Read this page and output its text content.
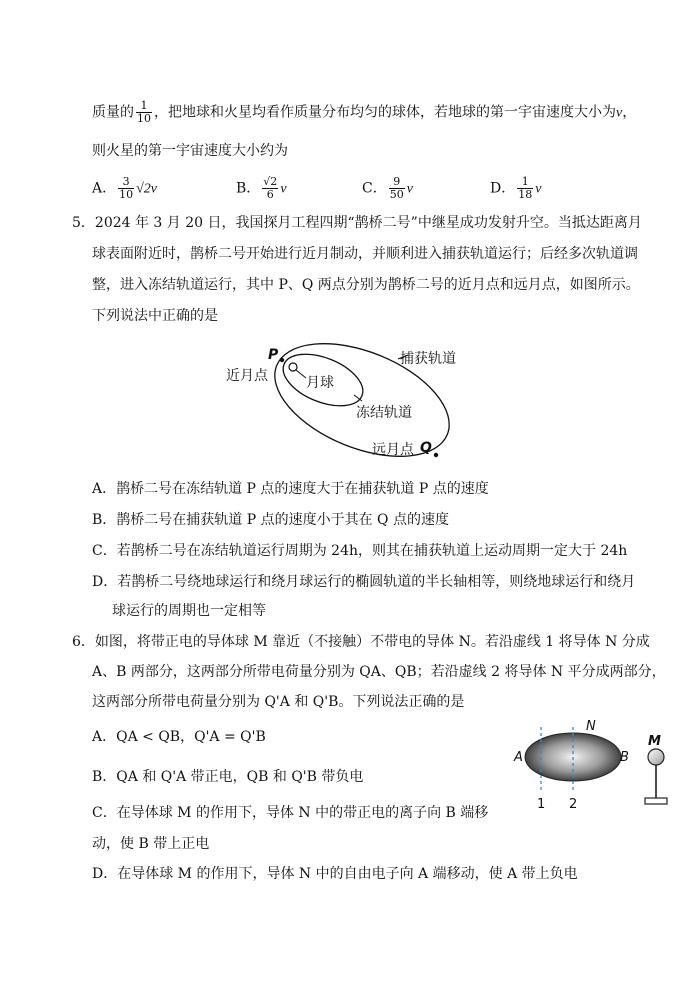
质量的 $\frac{1}{10}$ ，把地球和火星均看作质量分布均匀的球体，若地球的第一宇宙速度大小为v，
则火星的第一宇宙速度大小约为
A． $\frac{3}{10} √2v$	B． $\frac{√2}{6}$ v	C． $\frac{9}{50}$ v	D． $\frac{1}{18}$ v
5．2024 年 3 月 20 日，我国探月工程四期“鹊桥二号”中继星成功发射升空。当抵达距离月
球表面附近时，鹊桥二号开始进行近月制动，并顺利进入捕获轨道运行；后经多次轨道调
整，进入冻结轨道运行，其中 P、Q 两点分别为鹊桥二号的近月点和远月点，如图所示。
下列说法中正确的是
P
近月点	月球
捕获轨道
冻结轨道
远月点 Q
A．鹊桥二号在冻结轨道 P 点的速度大于在捕获轨道 P 点的速度
B．鹊桥二号在捕获轨道 P 点的速度小于其在 Q 点的速度
C．若鹊桥二号在冻结轨道运行周期为 24h，则其在捕获轨道上运动周期一定大于 24h
D．若鹊桥二号绕地球运行和绕月球运行的椭圆轨道的半长轴相等，则绕地球运行和绕月
球运行的周期也一定相等
6．如图，将带正电的导体球 M 靠近（不接触）不带电的导体 N。若沿虚线 1 将导体 N 分成
A、B 两部分，这两部分所带电荷量分别为 QA、QB；若沿虚线 2 将导体 N 平分成两部分，
这两部分所带电荷量分别为 Q'A 和 Q'B。下列说法正确的是
A．QA < QB，Q'A = Q'B
B．QA 和 Q'A 带正电，QB 和 Q'B 带负电
C．在导体球 M 的作用下，导体 N 中的带正电的离子向 B 端移
动，使 B 带上正电
D．在导体球 M 的作用下，导体 N 中的自由电子向 A 端移动，使 A 带上负电
N
A	B
1 2
M
